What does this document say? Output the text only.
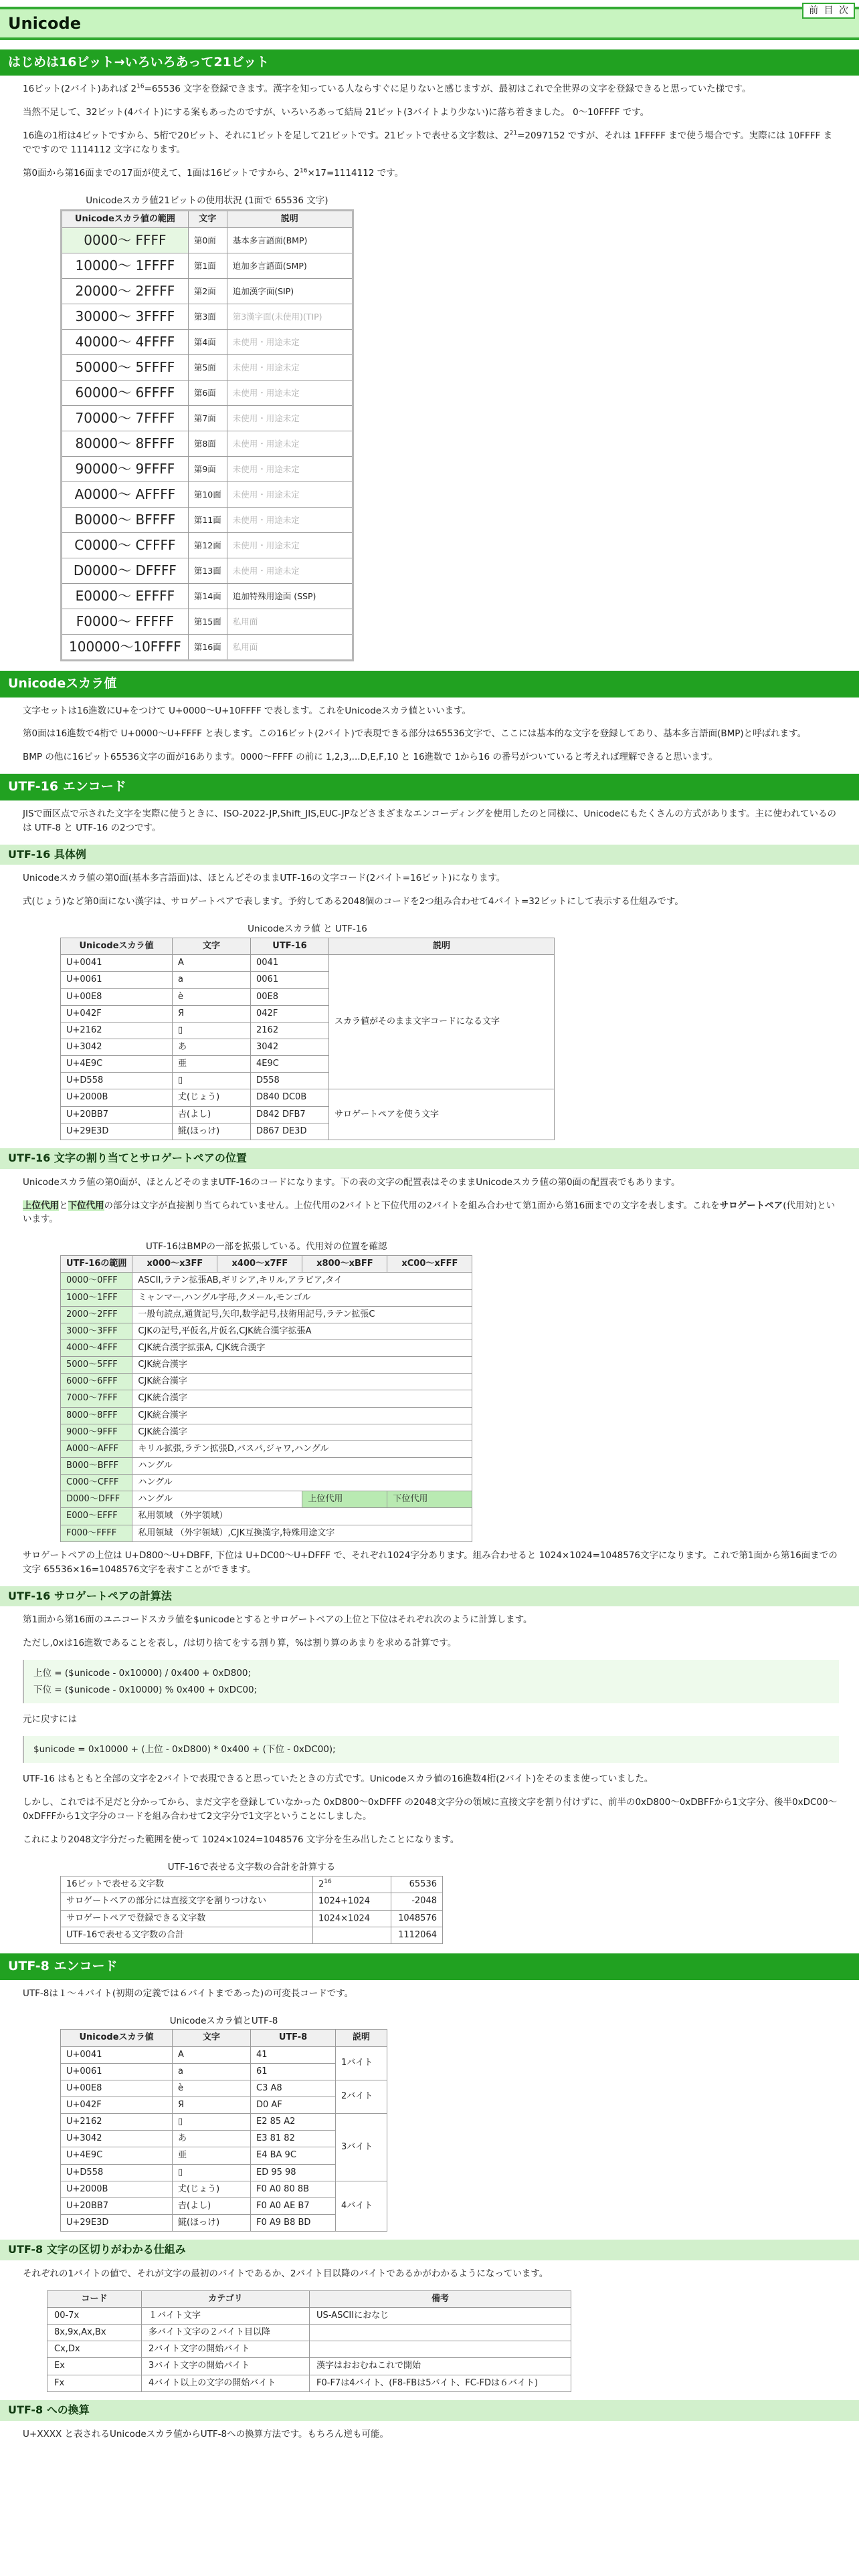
Unicode
前 目 次
はじめは16ビット→いろいろあって21ビット

16ビット(2バイト)あれば $2^{16}=65536$ 文字を登録できます。漢字を知っている人ならすぐに足りないと感じますが、最初はこれで全世界の文字を登録できると思っていた様です。

当然不足して、32ビット(4バイト)にする案もあったのですが、いろいろあって結局 21ビット(3バイトより少ない)に落ち着きました。 0～10FFFF です。

16進の1桁は4ビットですから、5桁で20ビット、それに1ビットを足して21ビットです。21ビットで表せる文字数は、$2^{21}=2097152$ ですが、それは 1FFFFF まで使う場合です。実際には 10FFFF までですので 1114112 文字になります。

第0面から第16面までの17面が使えて、1面は16ビットですから、$2^{16}\times 17=1114112$ です。

Unicodeスカラ値21ビットの使用状況 (1面で 65536 文字)
Unicodeスカラ値の範囲	文字	説明
0000～ FFFF	第0面	基本多言語面(BMP)
10000～ 1FFFF	第1面	追加多言語面(SMP)
20000～ 2FFFF	第2面	追加漢字面(SIP)
30000～ 3FFFF	第3面	第3漢字面(未使用)(TIP)
40000～ 4FFFF	第4面	未使用・用途未定
50000～ 5FFFF	第5面	未使用・用途未定
60000～ 6FFFF	第6面	未使用・用途未定
70000～ 7FFFF	第7面	未使用・用途未定
80000～ 8FFFF	第8面	未使用・用途未定
90000～ 9FFFF	第9面	未使用・用途未定
A0000～ AFFFF	第10面	未使用・用途未定
B0000～ BFFFF	第11面	未使用・用途未定
C0000～ CFFFF	第12面	未使用・用途未定
D0000～ DFFFF	第13面	未使用・用途未定
E0000～ EFFFF	第14面	追加特殊用途面 (SSP)
F0000～ FFFFF	第15面	私用面
100000～10FFFF	第16面	私用面
Unicodeスカラ値

文字セットは16進数にU+をつけて U+0000～U+10FFFF で表します。これをUnicodeスカラ値といいます。

第0面は16進数で4桁で U+0000～U+FFFF と表します。この16ビット(2バイト)で表現できる部分は65536文字で、ここには基本的な文字を登録してあり、基本多言語面(BMP)と呼ばれます。

BMP の他に16ビット65536文字の面が16あります。0000～FFFF の前に 1,2,3,...D,E,F,10 と 16進数で 1から16 の番号がついていると考えれば理解できると思います。

UTF-16 エンコード

JISで面区点で示された文字を実際に使うときに、ISO-2022-JP,Shift_JIS,EUC-JPなどさまざまなエンコーディングを使用したのと同様に、Unicodeにもたくさんの方式があります。主に使われているのは UTF-8 と UTF-16 の2つです。

UTF-16 具体例

Unicodeスカラ値の第0面(基本多言語面)は、ほとんどそのままUTF-16の文字コード(2バイト=16ビット)になります。

式(じょう)など第0面にない漢字は、サロゲートペアで表します。予約してある2048個のコードを2つ組み合わせて4バイト=32ビットにして表示する仕組みです。

Unicodeスカラ値 と UTF-16
Unicodeスカラ値	文字	UTF-16	説明
U+0041	A	0041	スカラ値がそのまま文字コードになる文字
U+0061	a	0061	
U+00E8	è	00E8	
U+042F	Я	042F	
U+2162	▯	2162	
U+3042	あ	3042	
U+4E9C	亜	4E9C	
U+D558	▯	D558	
U+2000B	𠀋(じょう)	D840 DC0B	サロゲートペアを使う文字
U+20BB7	𠮷(よし)	D842 DFB7	
U+29E3D	𩸽(ほっけ)	D867 DE3D	
UTF-16 文字の割り当てとサロゲートペアの位置

Unicodeスカラ値の第0面が、ほとんどそのままUTF-16のコードになります。下の表の文字の配置表はそのままUnicodeスカラ値の第0面の配置表でもあります。

上位代用と下位代用の部分は文字が直接割り当てられていません。上位代用の2バイトと下位代用の2バイトを組み合わせて第1面から第16面までの文字を表します。これをサロゲートペア(代用対)といいます。

UTF-16はBMPの一部を拡張している。代用対の位置を確認
UTF-16の範囲	x000～x3FF	x400～x7FF	x800～xBFF	xC00～xFFF
0000～0FFF	ASCII,ラテン拡張AB,ギリシア,キリル,アラビア,タイ			
1000～1FFF	ミャンマー,ハングル字母,クメール,モンゴル			
2000～2FFF	一般句読点,通貨記号,矢印,数学記号,技術用記号,ラテン拡張C			
3000～3FFF	CJKの記号,平仮名,片仮名,CJK統合漢字拡張A			
4000～4FFF	CJK統合漢字拡張A, CJK統合漢字			
5000～5FFF	CJK統合漢字			
6000～6FFF	CJK統合漢字			
7000～7FFF	CJK統合漢字			
8000～8FFF	CJK統合漢字			
9000～9FFF	CJK統合漢字			
A000～AFFF	キリル拡張,ラテン拡張D,バスパ,ジャワ,ハングル			
B000～BFFF	ハングル			
C000～CFFF	ハングル			
D000～DFFF	ハングル		上位代用	下位代用
E000～EFFF	私用領域 （外字領域）			
F000～FFFF	私用領域 （外字領域）,CJK互換漢字,特殊用途文字			

サロゲートペアの上位は U+D800～U+DBFF, 下位は U+DC00～U+DFFF で、それぞれ1024字分あります。組み合わせると 1024×1024=1048576文字になります。これで第1面から第16面までの文字 65536×16=1048576文字を表すことができます。

UTF-16 サロゲートペアの計算法

第1面から第16面のユニコードスカラ値を$unicodeとするとサロゲートペアの上位と下位はそれぞれ次のように計算します。

ただし,0xは16進数であることを表し，/は切り捨てをする割り算，%は割り算のあまりを求める計算です。

上位 = ($unicode - 0x10000) / 0x400 + 0xD800;
下位 = ($unicode - 0x10000) % 0x400 + 0xDC00;

元に戻すには

$unicode = 0x10000 + (上位 - 0xD800) * 0x400 + (下位 - 0xDC00);

UTF-16 はもともと全部の文字を2バイトで表現できると思っていたときの方式です。Unicodeスカラ値の16進数4桁(2バイト)をそのまま使っていました。

しかし、これでは不足だと分かってから、まだ文字を登録していなかった 0xD800～0xDFFF の2048文字分の領域に直接文字を割り付けずに、前半の0xD800～0xDBFFから1文字分、後半0xDC00～0xDFFFから1文字分のコードを組み合わせて2文字分で1文字ということにしました。

これにより2048文字分だった範囲を使って 1024×1024=1048576 文字分を生み出したことになります。

UTF-16で表せる文字数の合計を計算する
16ビットで表せる文字数	$2^{16}$	65536
サロゲートペアの部分には直接文字を割りつけない	1024+1024	-2048
サロゲートペアで登録できる文字数	1024×1024	1048576
UTF-16で表せる文字数の合計		1112064
UTF-8 エンコード

UTF-8は１～４バイト(初期の定義では６バイトまであった)の可変長コードです。

Unicodeスカラ値とUTF-8
Unicodeスカラ値	文字	UTF-8	説明
U+0041	A	41	1バイト
U+0061	a	61	
U+00E8	è	C3 A8	2バイト
U+042F	Я	D0 AF	
U+2162	▯	E2 85 A2	3バイト
U+3042	あ	E3 81 82	
U+4E9C	亜	E4 BA 9C	
U+D558	▯	ED 95 98	
U+2000B	𠀋(じょう)	F0 A0 80 8B	4バイト
U+20BB7	𠮷(よし)	F0 A0 AE B7	
U+29E3D	𩸽(ほっけ)	F0 A9 B8 BD	
UTF-8 文字の区切りがわかる仕組み

それぞれの1バイトの値で、それが文字の最初のバイトであるか、2バイト目以降のバイトであるかがわかるようになっています。

コード	カテゴリ	備考
00-7x	１バイト文字	US-ASCIIにおなじ
8x,9x,Ax,Bx	多バイト文字の２バイト目以降	
Cx,Dx	2バイト文字の開始バイト	
Ex	3バイト文字の開始バイト	漢字はおおむねこれで開始
Fx	4バイト以上の文字の開始バイト	F0-F7は4バイト、(F8-FBは5バイト、FC-FDは６バイト)
UTF-8 への換算

U+XXXX と表されるUnicodeスカラ値からUTF-8への換算方法です。もちろん逆も可能。
